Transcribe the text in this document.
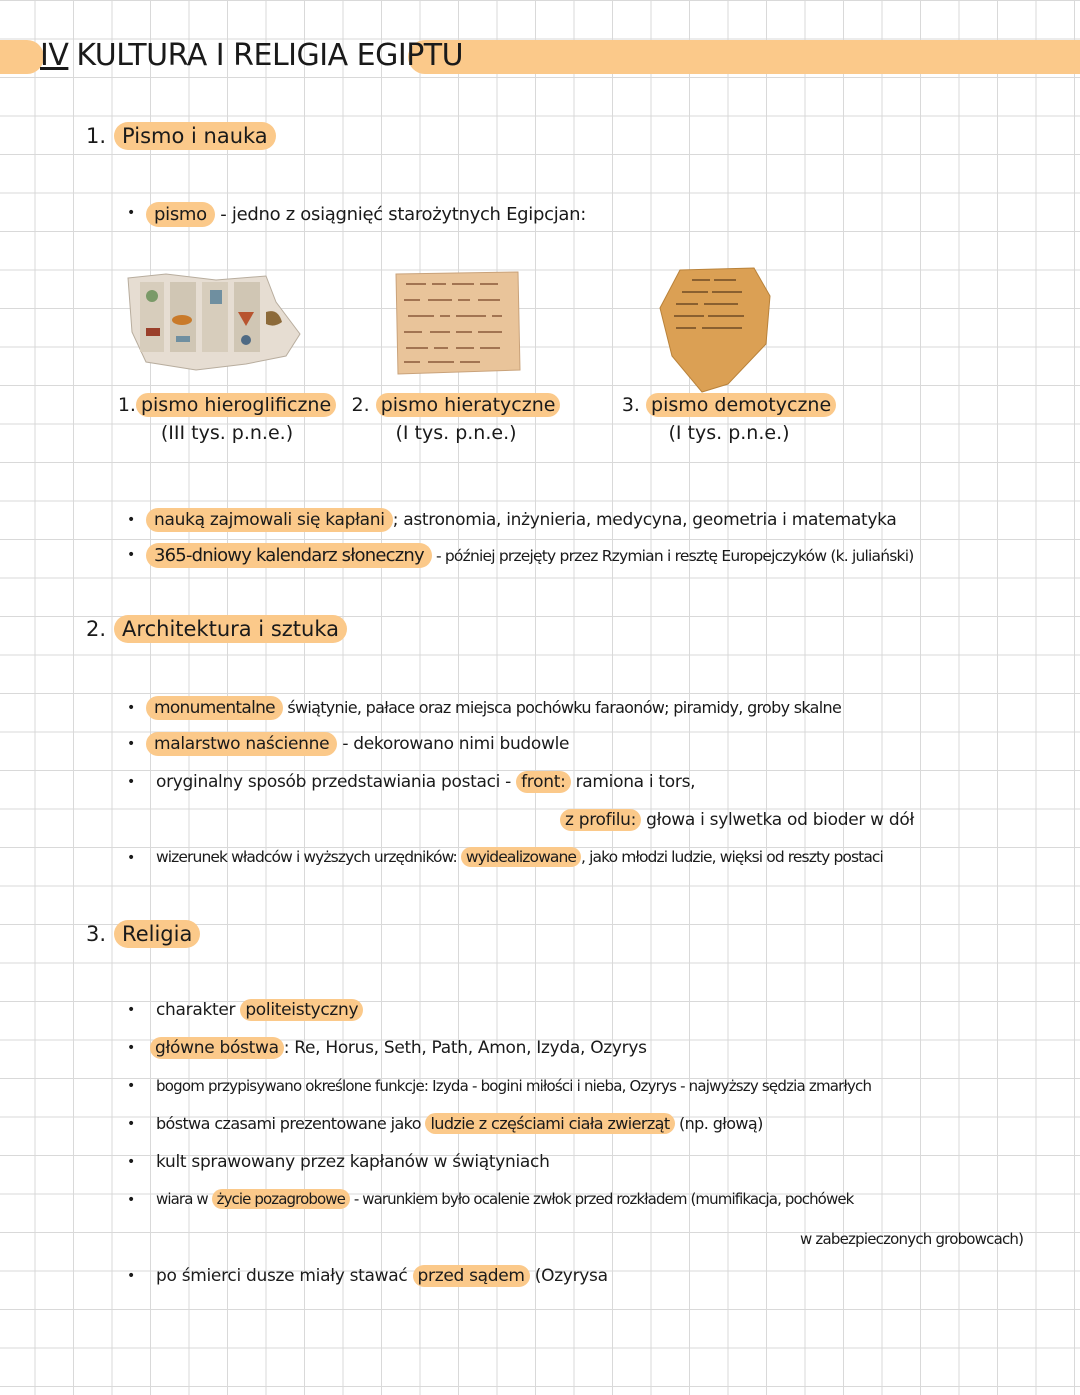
IV KULTURA I RELIGIA EGIPTU
1. Pismo i nauka
•	pismo - jedno z osiągnięć starożytnych Egipcjan:
1. pismo hieroglificzne
(III tys. p.n.e.)
2. pismo hieratyczne
(I tys. p.n.e.)
3. pismo demotyczne
(I tys. p.n.e.)
•	nauką zajmowali się kapłani ; astronomia, inżynieria, medycyna, geometria i matematyka
•	365-dniowy kalendarz słoneczny - później przejęty przez Rzymian i resztę Europejczyków (k. juliański)
2. Architektura i sztuka
•	monumentalne świątynie, pałace oraz miejsca pochówku faraonów; piramidy, groby skalne
•	malarstwo naścienne - dekorowano nimi budowle
• oryginalny sposób przedstawiania postaci - front: ramiona i tors,
z profilu: głowa i sylwetka od bioder w dół
• wizerunek władców i wyższych urzędników: wyidealizowane , jako młodzi ludzie, więksi od reszty postaci
3. Religia
• charakter politeistyczny
• główne bóstwa : Re, Horus, Seth, Path, Amon, Izyda, Ozyrys
• bogom przypisywano określone funkcje: Izyda - bogini miłości i nieba, Ozyrys - najwyższy sędzia zmarłych
• bóstwa czasami prezentowane jako ludzie z częściami ciała zwierząt (np. głową)
• kult sprawowany przez kapłanów w świątyniach
• wiara w życie pozagrobowe - warunkiem było ocalenie zwłok przed rozkładem (mumifikacja, pochówek
w zabezpieczonych grobowcach)
• po śmierci dusze miały stawać przed sądem (Ozyrysa
